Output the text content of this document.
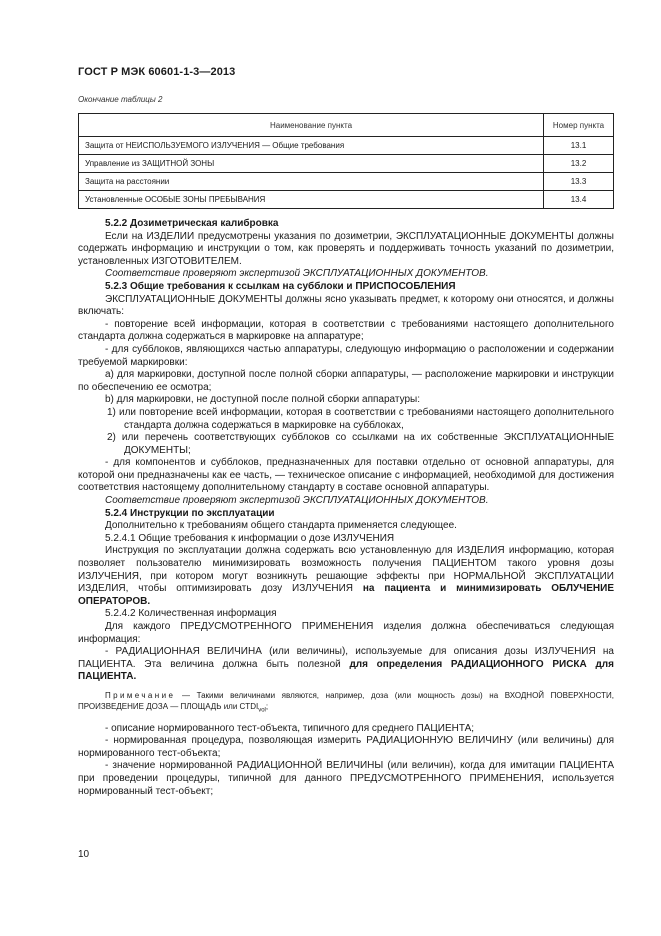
ГОСТ Р МЭК 60601-1-3—2013
Окончание таблицы 2
Наименование пункта	Номер пункта
Защита от НЕИСПОЛЬЗУЕМОГО ИЗЛУЧЕНИЯ — Общие требования	13.1
Управление из ЗАЩИТНОЙ ЗОНЫ	13.2
Защита на расстоянии	13.3
Установленные ОСОБЫЕ ЗОНЫ ПРЕБЫВАНИЯ	13.4

5.2.2 Дозиметрическая калибровка

Если на ИЗДЕЛИИ предусмотрены указания по дозиметрии, ЭКСПЛУАТАЦИОННЫЕ ДОКУМЕНТЫ должны содержать информацию и инструкции о том, как проверять и поддерживать точность указаний по дозиметрии, установленных ИЗГОТОВИТЕЛЕМ.

Соответствие проверяют экспертизой ЭКСПЛУАТАЦИОННЫХ ДОКУМЕНТОВ.

5.2.3 Общие требования к ссылкам на субблоки и ПРИСПОСОБЛЕНИЯ

ЭКСПЛУАТАЦИОННЫЕ ДОКУМЕНТЫ должны ясно указывать предмет, к которому они относятся, и должны включать:

- повторение всей информации, которая в соответствии с требованиями настоящего дополнительного стандарта должна содержаться в маркировке на аппаратуре;

- для субблоков, являющихся частью аппаратуры, следующую информацию о расположении и содержании требуемой маркировки:

а) для маркировки, доступной после полной сборки аппаратуры, — расположение маркировки и инструкции по обеспечению ее осмотра;

b) для маркировки, не доступной после полной сборки аппаратуры:

1) или повторение всей информации, которая в соответствии с требованиями настоящего дополнительного стандарта должна содержаться в маркировке на субблоках,

2) или перечень соответствующих субблоков со ссылками на их собственные ЭКСПЛУАТАЦИОННЫЕ ДОКУМЕНТЫ;

- для компонентов и субблоков, предназначенных для поставки отдельно от основной аппаратуры, для которой они предназначены как ее часть, — техническое описание с информацией, необходимой для достижения соответствия настоящему дополнительному стандарту в составе основной аппаратуры.

Соответствие проверяют экспертизой ЭКСПЛУАТАЦИОННЫХ ДОКУМЕНТОВ.

5.2.4 Инструкции по эксплуатации

Дополнительно к требованиям общего стандарта применяется следующее.

5.2.4.1 Общие требования к информации о дозе ИЗЛУЧЕНИЯ

Инструкция по эксплуатации должна содержать всю установленную для ИЗДЕЛИЯ информацию, которая позволяет пользователю минимизировать возможность получения ПАЦИЕНТОМ такого уровня дозы ИЗЛУЧЕНИЯ, при котором могут возникнуть решающие эффекты при НОРМАЛЬНОЙ ЭКСПЛУАТАЦИИ ИЗДЕЛИЯ, чтобы оптимизировать дозу ИЗЛУЧЕНИЯ на пациента и минимизировать ОБЛУЧЕНИЕ ОПЕРАТОРОВ.

5.2.4.2 Количественная информация

Для каждого ПРЕДУСМОТРЕННОГО ПРИМЕНЕНИЯ изделия должна обеспечиваться следующая информация:

- РАДИАЦИОННАЯ ВЕЛИЧИНА (или величины), используемые для описания дозы ИЗЛУЧЕНИЯ на ПАЦИЕНТА. Эта величина должна быть полезной для определения РАДИАЦИОННОГО РИСКА для ПАЦИЕНТА.

Примечание — Такими величинами являются, например, доза (или мощность дозы) на ВХОДНОЙ ПОВЕРХНОСТИ, ПРОИЗВЕДЕНИЕ ДОЗА — ПЛОЩАДЬ или $CTDI_{vol}$;

- описание нормированного тест-объекта, типичного для среднего ПАЦИЕНТА;

- нормированная процедура, позволяющая измерить РАДИАЦИОННУЮ ВЕЛИЧИНУ (или величины) для нормированного тест-объекта;

- значение нормированной РАДИАЦИОННОЙ ВЕЛИЧИНЫ (или величин), когда для имитации ПАЦИЕНТА при проведении процедуры, типичной для данного ПРЕДУСМОТРЕННОГО ПРИМЕНЕНИЯ, используется нормированный тест-объект;

10
